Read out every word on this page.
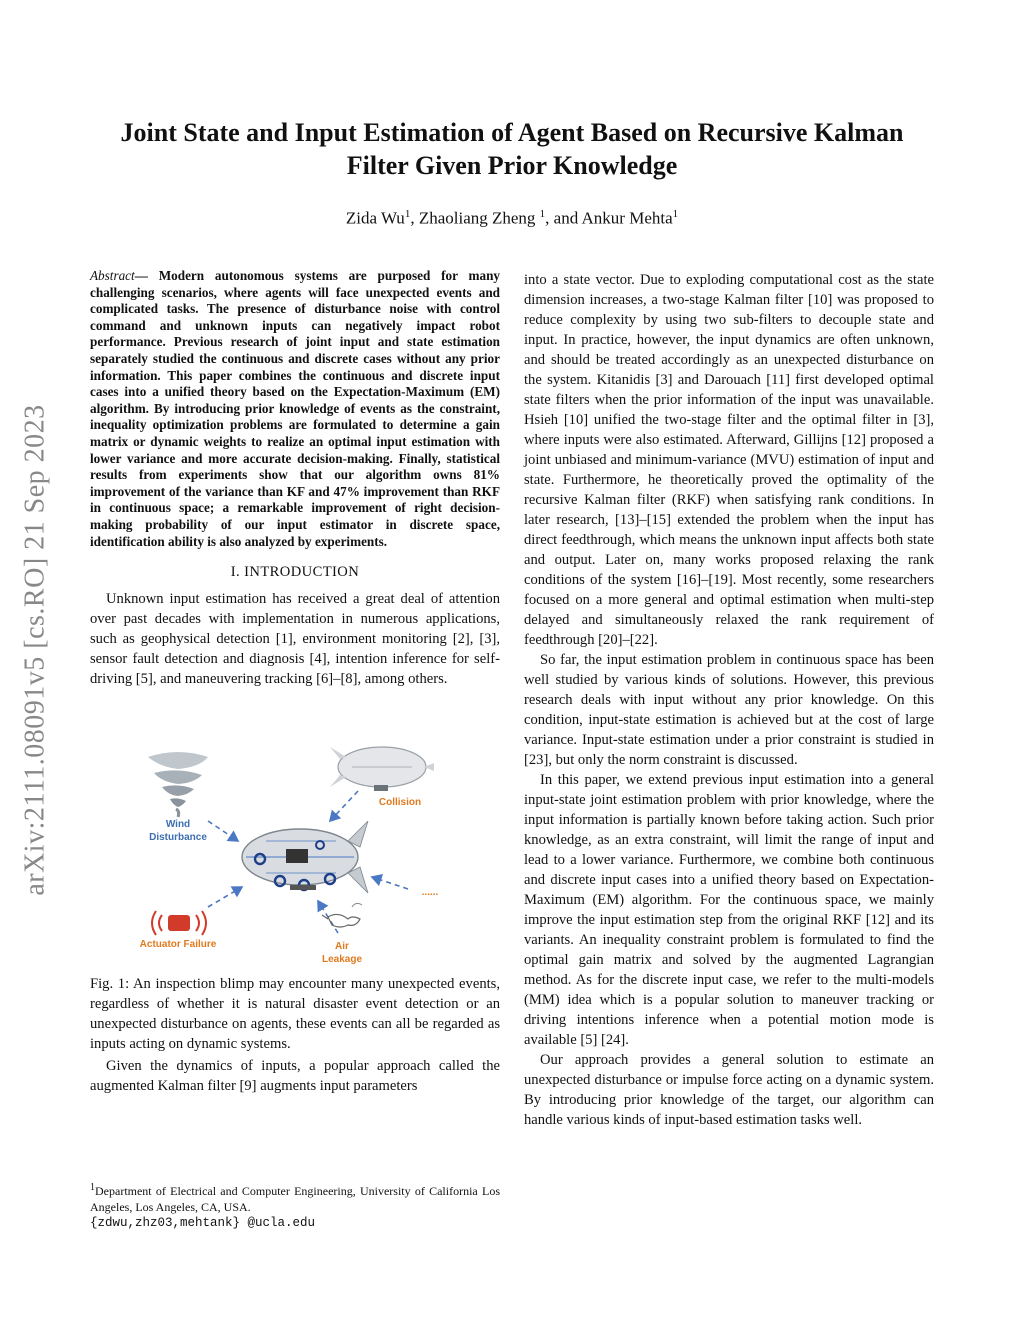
arXiv:2111.08091v5 [cs.RO] 21 Sep 2023
Joint State and Input Estimation of Agent Based on Recursive Kalman Filter Given Prior Knowledge
Zida Wu$^1$, Zhaoliang Zheng $^1$, and Ankur Mehta$^1$

Abstract— Modern autonomous systems are purposed for many challenging scenarios, where agents will face unexpected events and complicated tasks. The presence of disturbance noise with control command and unknown inputs can negatively impact robot performance. Previous research of joint input and state estimation separately studied the continuous and discrete cases without any prior information. This paper combines the continuous and discrete input cases into a unified theory based on the Expectation-Maximum (EM) algorithm. By introducing prior knowledge of events as the constraint, inequality optimization problems are formulated to determine a gain matrix or dynamic weights to realize an optimal input estimation with lower variance and more accurate decision-making. Finally, statistical results from experiments show that our algorithm owns 81% improvement of the variance than KF and 47% improvement than RKF in continuous space; a remarkable improvement of right decision-making probability of our input estimator in discrete space, identification ability is also analyzed by experiments.

I. INTRODUCTION

Unknown input estimation has received a great deal of attention over past decades with implementation in numerous applications, such as geophysical detection [1], environment monitoring [2], [3], sensor fault detection and diagnosis [4], intention inference for self-driving [5], and maneuvering tracking [6]–[8], among others.

Wind
Disturbance
Collision
......
Actuator Failure	Air
Leakage

Fig. 1: An inspection blimp may encounter many unexpected events, regardless of whether it is natural disaster event detection or an unexpected disturbance on agents, these events can all be regarded as inputs acting on dynamic systems.

Given the dynamics of inputs, a popular approach called the augmented Kalman filter [9] augments input parameters

$^1$Department of Electrical and Computer Engineering, University of California Los Angeles, Los Angeles, CA, USA.
{zdwu,zhz03,mehtank} @ucla.edu

into a state vector. Due to exploding computational cost as the state dimension increases, a two-stage Kalman filter [10] was proposed to reduce complexity by using two sub-filters to decouple state and input. In practice, however, the input dynamics are often unknown, and should be treated accordingly as an unexpected disturbance on the system. Kitanidis [3] and Darouach [11] first developed optimal state filters when the prior information of the input was unavailable. Hsieh [10] unified the two-stage filter and the optimal filter in [3], where inputs were also estimated. Afterward, Gillijns [12] proposed a joint unbiased and minimum-variance (MVU) estimation of input and state. Furthermore, he theoretically proved the optimality of the recursive Kalman filter (RKF) when satisfying rank conditions. In later research, [13]–[15] extended the problem when the input has direct feedthrough, which means the unknown input affects both state and output. Later on, many works proposed relaxing the rank conditions of the system [16]–[19]. Most recently, some researchers focused on a more general and optimal estimation when multi-step delayed and simultaneously relaxed the rank requirement of feedthrough [20]–[22].

So far, the input estimation problem in continuous space has been well studied by various kinds of solutions. However, this previous research deals with input without any prior knowledge. On this condition, input-state estimation is achieved but at the cost of large variance. Input-state estimation under a prior constraint is studied in [23], but only the norm constraint is discussed.

In this paper, we extend previous input estimation into a general input-state joint estimation problem with prior knowledge, where the input information is partially known before taking action. Such prior knowledge, as an extra constraint, will limit the range of input and lead to a lower variance. Furthermore, we combine both continuous and discrete input cases into a unified theory based on Expectation-Maximum (EM) algorithm. For the continuous space, we mainly improve the input estimation step from the original RKF [12] and its variants. An inequality constraint problem is formulated to find the optimal gain matrix and solved by the augmented Lagrangian method. As for the discrete input case, we refer to the multi-models (MM) idea which is a popular solution to maneuver tracking or driving intentions inference when a potential motion mode is available [5] [24].

Our approach provides a general solution to estimate an unexpected disturbance or impulse force acting on a dynamic system. By introducing prior knowledge of the target, our algorithm can handle various kinds of input-based estimation tasks well.
